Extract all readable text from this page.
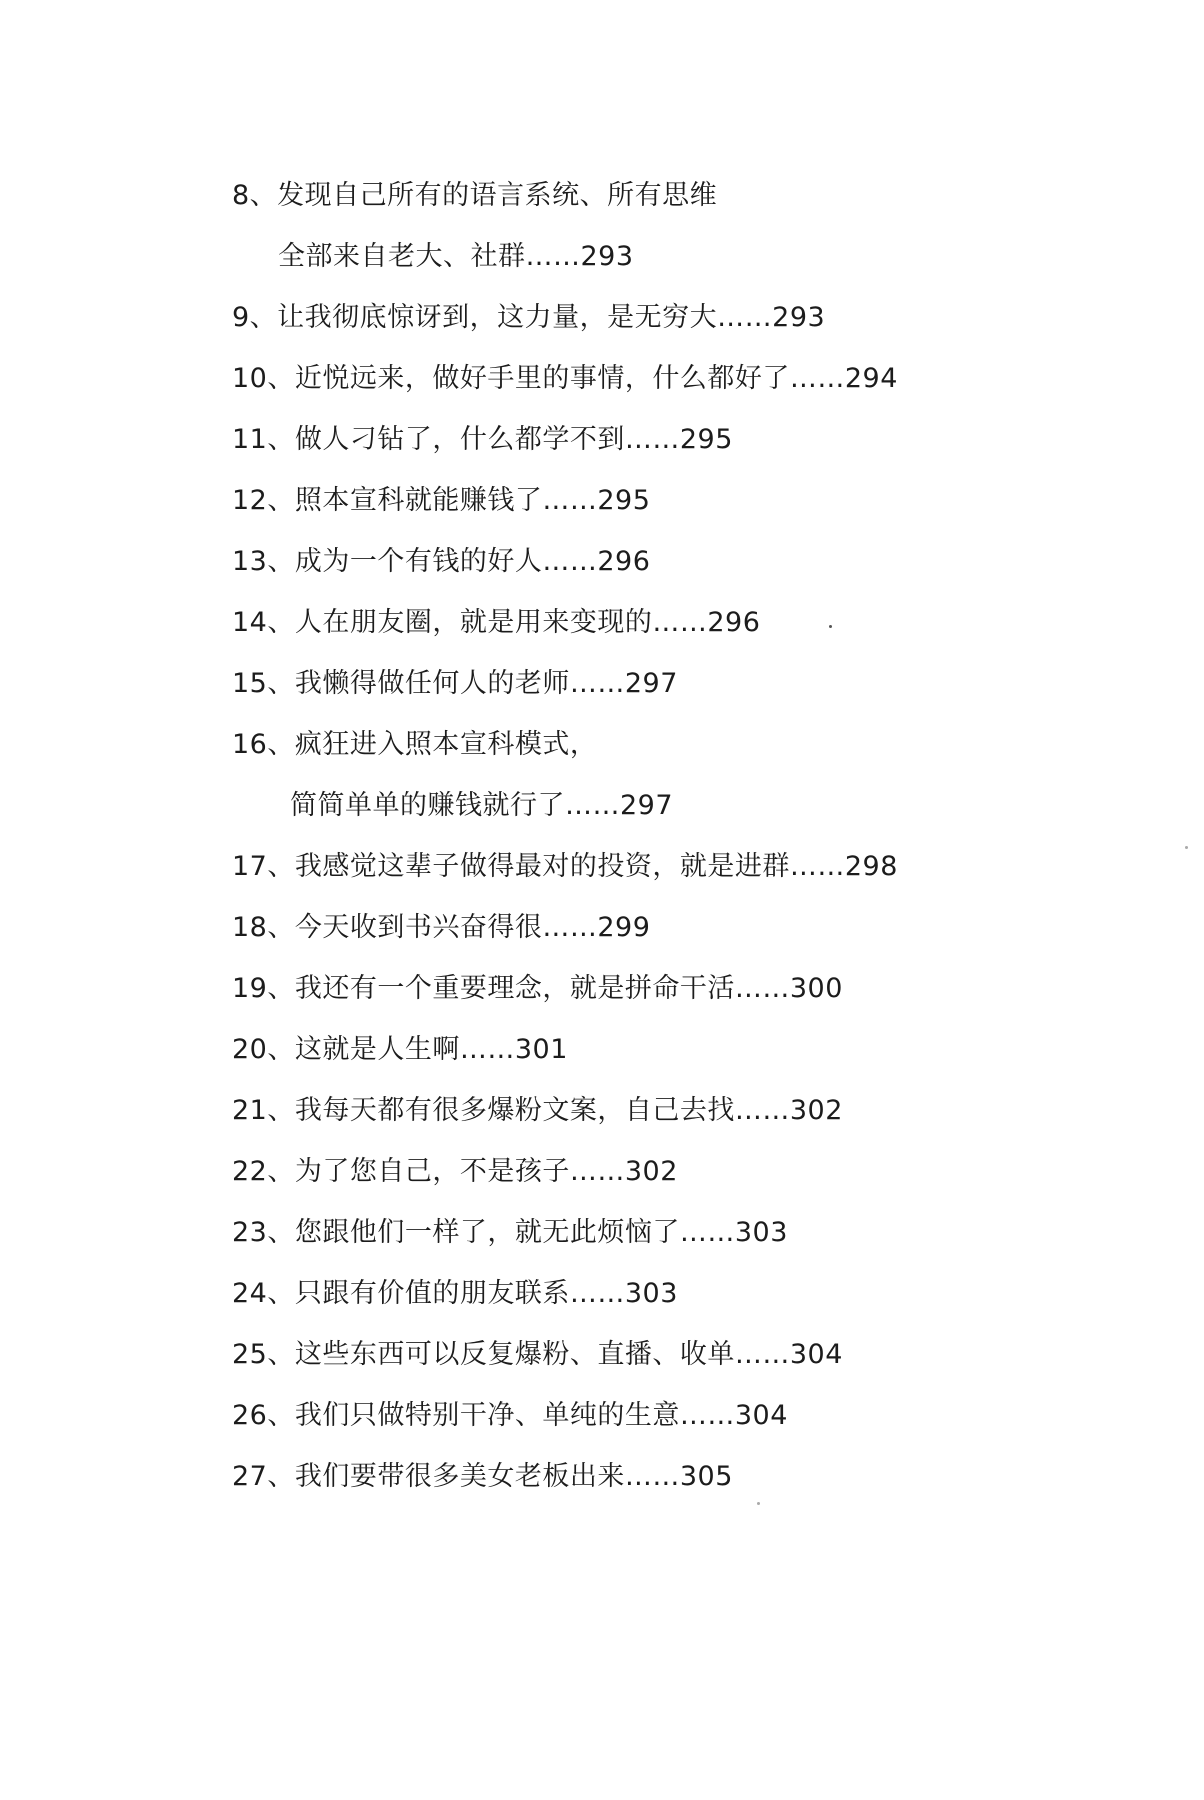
8、发现自己所有的语言系统、所有思维
全部来自老大、社群……293
9、让我彻底惊讶到，这力量，是无穷大……293
10、近悦远来，做好手里的事情，什么都好了……294
11、做人刁钻了，什么都学不到……295
12、照本宣科就能赚钱了……295
13、成为一个有钱的好人……296
14、人在朋友圈，就是用来变现的……296
15、我懒得做任何人的老师……297
16、疯狂进入照本宣科模式，
简简单单的赚钱就行了……297
17、我感觉这辈子做得最对的投资，就是进群……298
18、今天收到书兴奋得很……299
19、我还有一个重要理念，就是拼命干活……300
20、这就是人生啊……301
21、我每天都有很多爆粉文案，自己去找……302
22、为了您自己，不是孩子……302
23、您跟他们一样了，就无此烦恼了……303
24、只跟有价值的朋友联系……303
25、这些东西可以反复爆粉、直播、收单……304
26、我们只做特别干净、单纯的生意……304
27、我们要带很多美女老板出来……305
